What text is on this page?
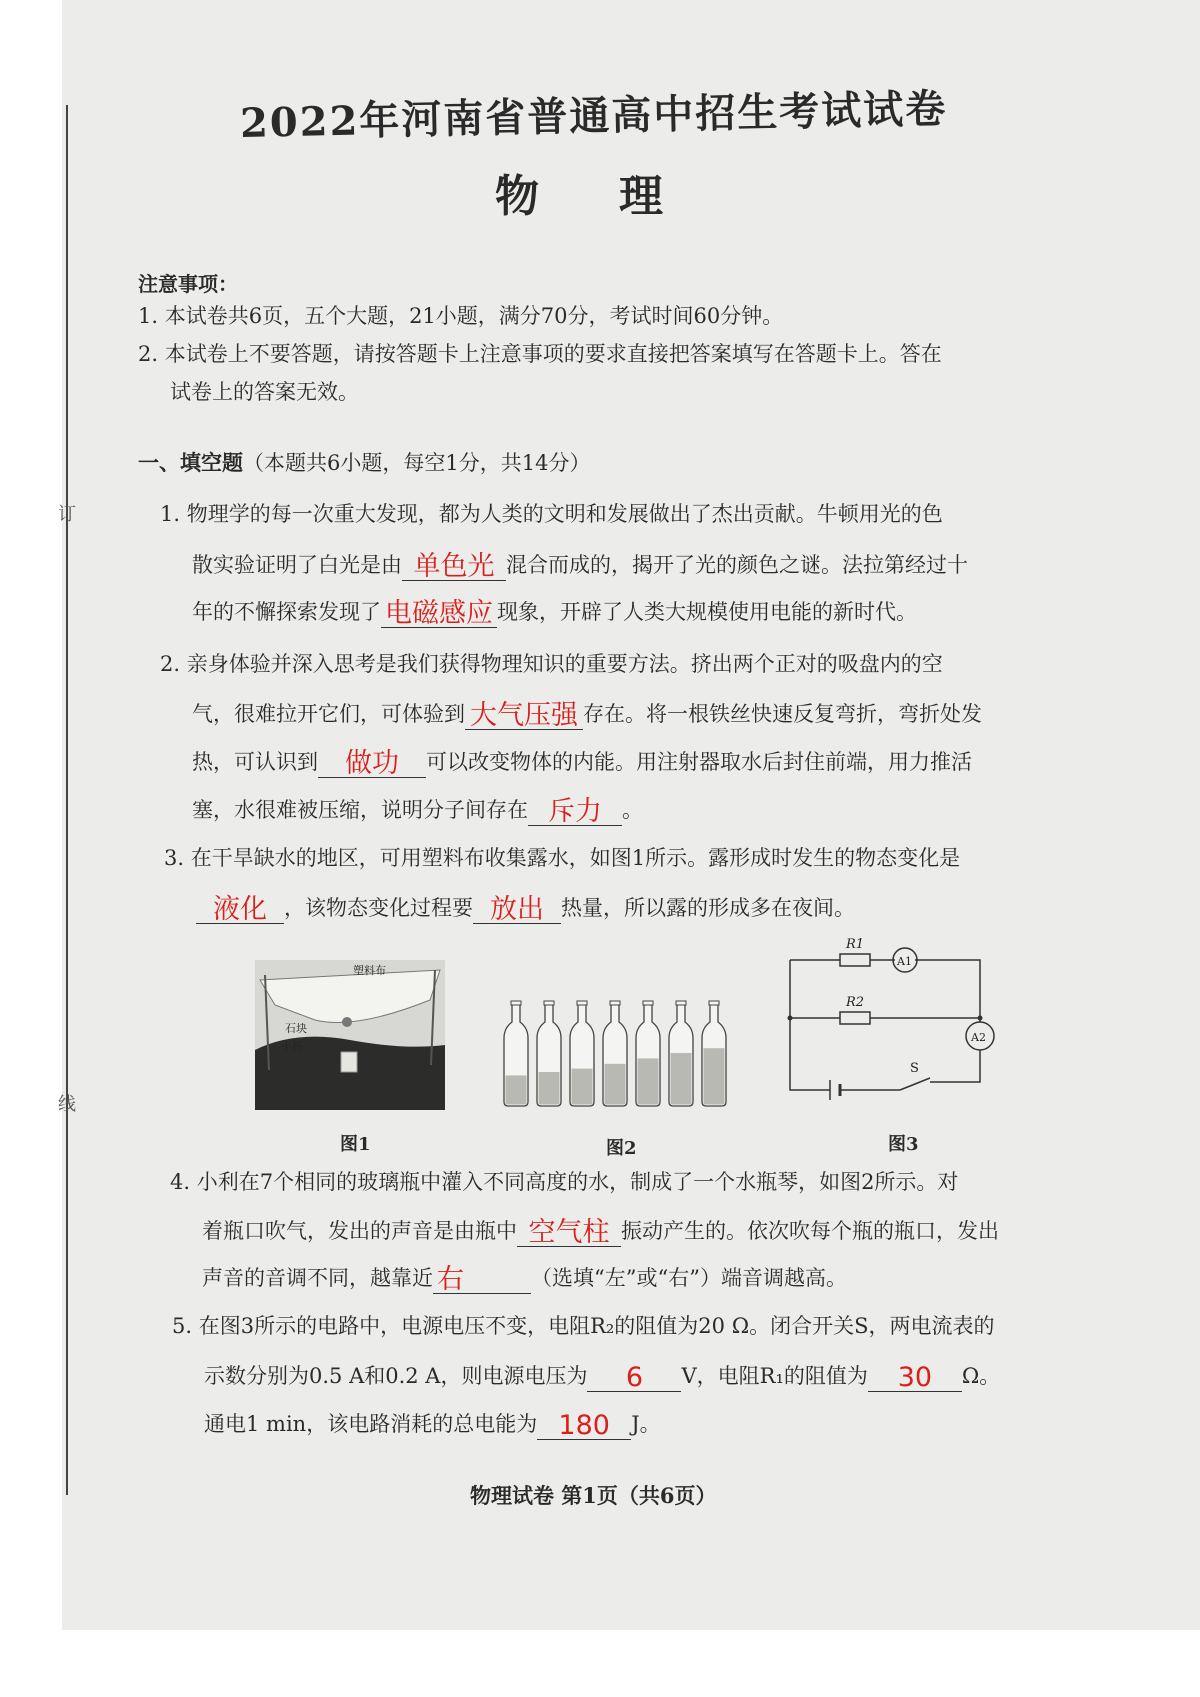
订
线
2022年河南省普通高中招生考试试卷
物理
注意事项：
1. 本试卷共6页，五个大题，21小题，满分70分，考试时间60分钟。
2. 本试卷上不要答题，请按答题卡上注意事项的要求直接把答案填写在答题卡上。答在
试卷上的答案无效。
一、填空题（本题共6小题，每空1分，共14分）
1. 物理学的每一次重大发现，都为人类的文明和发展做出了杰出贡献。牛顿用光的色
散实验证明了白光是由 单色光 混合而成的，揭开了光的颜色之谜。法拉第经过十
年的不懈探索发现了 电磁感应 现象，开辟了人类大规模使用电能的新时代。
2. 亲身体验并深入思考是我们获得物理知识的重要方法。挤出两个正对的吸盘内的空
气，很难拉开它们，可体验到 大气压强 存在。将一根铁丝快速反复弯折，弯折处发
热，可认识到 做功 可以改变物体的内能。用注射器取水后封住前端，用力推活
塞，水很难被压缩，说明分子间存在 斥力 。
3. 在干旱缺水的地区，可用塑料布收集露水，如图1所示。露形成时发生的物态变化是
液化 ，该物态变化过程要 放出 热量，所以露的形成多在夜间。
塑料布
石块
小杯
图1	图2
R1
R2
A1
A2
S
图3
4. 小利在7个相同的玻璃瓶中灌入不同高度的水，制成了一个水瓶琴，如图2所示。对
着瓶口吹气，发出的声音是由瓶中 空气柱 振动产生的。依次吹每个瓶的瓶口，发出
声音的音调不同，越靠近 右	（选填“左”或“右”）端音调越高。
5. 在图3所示的电路中，电源电压不变，电阻R₂的阻值为20 Ω。闭合开关S，两电流表的
示数分别为0.5 A和0.2 A，则电源电压为 6 V，电阻R₁的阻值为 30 Ω。
通电1 min，该电路消耗的总电能为 180 J。
物理试卷 第1页（共6页）
